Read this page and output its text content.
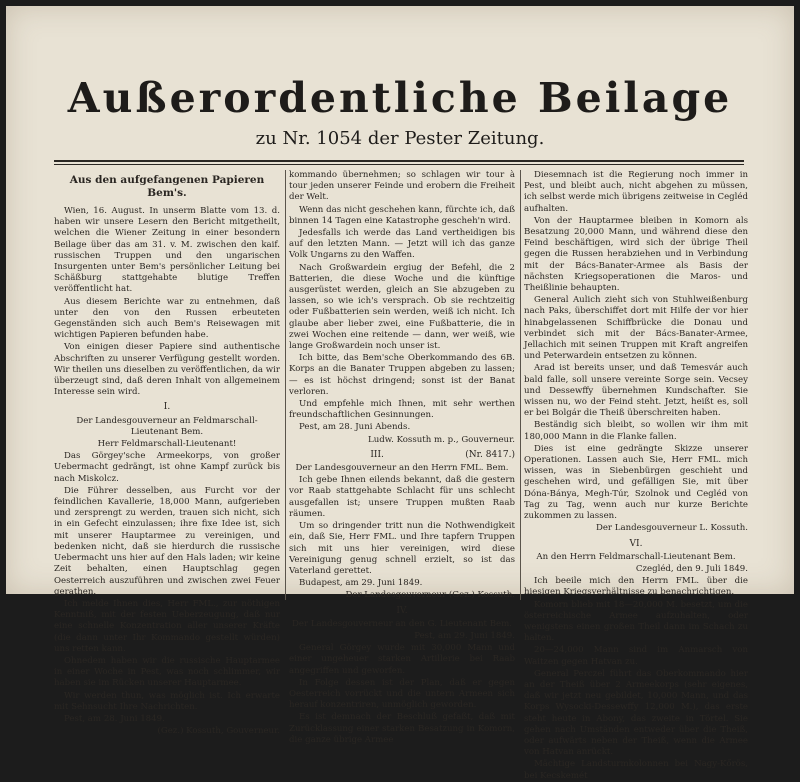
Außerordentliche Beilage
zu Nr. 1054 der Pester Zeitung.

Aus den aufgefangenen Papieren Bem's.

Wien, 16. August. In unserm Blatte vom 13. d. haben wir unsere Lesern den Bericht mitgetheilt, welchen die Wiener Zeitung in einer besondern Beilage über das am 31. v. M. zwischen den kaif. russischen Truppen und den ungarischen Insurgenten unter Bem's persönlicher Leitung bei Schäßburg stattgehabte blutige Treffen veröffentlicht hat.

Aus diesem Berichte war zu entnehmen, daß unter den von den Russen erbeuteten Gegenständen sich auch Bem's Reisewagen mit wichtigen Papieren befunden habe.

Von einigen dieser Papiere sind authentische Abschriften zu unserer Verfügung gestellt worden. Wir theilen uns dieselben zu veröffentlichen, da wir überzeugt sind, daß deren Inhalt von allgemeinem Interesse sein wird.

I.

Der Landesgouverneur an Feldmarschall-Lieutenant Bem.

Herr Feldmarschall-Lieutenant!

Das Görgey'sche Armeekorps, von großer Uebermacht gedrängt, ist ohne Kampf zurück bis nach Miskolcz.

Die Führer desselben, aus Furcht vor der feindlichen Kavallerie, 18,000 Mann, aufgerieben und zersprengt zu werden, trauen sich nicht, sich in ein Gefecht einzulassen; ihre fixe Idee ist, sich mit unserer Hauptarmee zu vereinigen, und bedenken nicht, daß sie hierdurch die russische Uebermacht uns hier auf den Hals laden; wir keine Zeit behalten, einen Hauptschlag gegen Oesterreich auszuführen und zwischen zwei Feuer gerathen.

Ich melde Ihnen dies, Herr FML., zur nöthigen Kenntniß, mit der festen Ueberzeugung, daß nur eine schnelle Konzentration aller unserer Kräfte (die dann unter Ihr Kommando gestellt würden) uns retten kann.

Ohnedem haben wir die russische Hauptarmee in einer Woche in Pest, was noch schlimmer, wir haben sie im Rücken unserer Hauptarmee.

Wir werden thun, was möglich ist. Ich erwarte mit Sehnsucht Ihre Nachrichten.

Pest, am 28. Juni 1849.

(Gez.) Kossuth, Gouverneur.

kommando übernehmen; so schlagen wir tour à tour jeden unserer Feinde und erobern die Freiheit der Welt.

Wenn das nicht geschehen kann, fürchte ich, daß binnen 14 Tagen eine Katastrophe gescheh'n wird.

Jedesfalls ich werde das Land vertheidigen bis auf den letzten Mann. — Jetzt will ich das ganze Volk Ungarns zu den Waffen.

Nach Großwardein ergiug der Befehl, die 2 Batterien, die diese Woche und die künftige ausgerüstet werden, gleich an Sie abzugeben zu lassen, so wie ich's versprach. Ob sie rechtzeitig oder Fußbatterien sein werden, weiß ich nicht. Ich glaube aber lieber zwei, eine Fußbatterie, die in zwei Wochen eine reitende — dann, wer weiß, wie lange Großwardein noch unser ist.

Ich bitte, das Bem'sche Oberkommando des 6B. Korps an die Banater Truppen abgeben zu lassen; — es ist höchst dringend; sonst ist der Banat verloren.

Und empfehle mich Ihnen, mit sehr werthen freundschaftlichen Gesinnungen.

Pest, am 28. Juni Abends.

Ludw. Kossuth m. p., Gouverneur.

III.	(Nr. 8417.)

Der Landesgouverneur an den Herrn FML. Bem.

Ich gebe Ihnen eilends bekannt, daß die gestern vor Raab stattgehabte Schlacht für uns schlecht ausgefallen ist; unsere Truppen mußten Raab räumen.

Um so dringender tritt nun die Nothwendigkeit ein, daß Sie, Herr FML. und Ihre tapfern Truppen sich mit uns hier vereinigen, wird diese Vereinigung genug schnell erzielt, so ist das Vaterland gerettet.

Budapest, am 29. Juni 1849.

Der Landesgouverneur (Gez.) Kossuth.

IV.

Der Landesgouverneur an den G. Lieutenant Bem.

Pest, am 29. Juni 1849.

General Görgey wurde mit 30,000 Mann und einer ungeheuer starken Artillerie bei Raab angegriffen und geworfen.

In Folge dessen ist der Plan, daß er gegen Oesterreich vorrückt und die untern Armeen sich herauf konzentriren, unmöglich geworden.

Es ist demnach der Beschluß gefaßt, daß mit Zurücklassung einer starken Besatzung in Komorn, die ganze übrige Armee

Diesemnach ist die Regierung noch immer in Pest, und bleibt auch, nicht abgehen zu müssen, ich selbst werde mich übrigens zeitweise in Cegléd aufhalten.

Von der Hauptarmee bleiben in Komorn als Besatzung 20,000 Mann, und während diese den Feind beschäftigen, wird sich der übrige Theil gegen die Russen herabziehen und in Verbindung mit der Bács-Banater-Armee als Basis der nächsten Kriegsoperationen die Maros- und Theißlinie behaupten.

General Aulich zieht sich von Stuhlweißenburg nach Paks, überschiffet dort mit Hilfe der vor hier hinabgelassenen Schiffbrücke die Donau und verbindet sich mit der Bács-Banater-Armee, Jellachich mit seinen Truppen mit Kraft angreifen und Peterwardein entsetzen zu können.

Arad ist bereits unser, und daß Temesvár auch bald falle, soll unsere vereinte Sorge sein. Vecsey und Dessewffy übernehmen Kundschafter. Sie wissen nu, wo der Feind steht. Jetzt, heißt es, soll er bei Bolgár die Theiß überschreiten haben.

Beständig sich bleibt, so wollen wir ihm mit 180,000 Mann in die Flanke fallen.

Dies ist eine gedrängte Skizze unserer Operationen. Lassen auch Sie, Herr FML. mich wissen, was in Siebenbürgen geschieht und geschehen wird, und gefälligen Sie, mit über Dóna-Bánya, Megh-Túr, Szolnok und Cegléd von Tag zu Tag, wenn auch nur kurze Berichte zukommen zu lassen.

Der Landesgouverneur L. Kossuth.

VI.

An den Herrn Feldmarschall-Lieutenant Bem.

Czegléd, den 9. Juli 1849.

Ich beeile mich den Herrn FML. über die hiesigen Kriegsverhältnisse zu benachrichtigen.

Komorn blieb mit 18—20,000 M. besetzt, um die österreichische Armee aufzuhalten, oder wenigstens einen großen Theil dann im Schach zu halten.

20—24,000 Mann sind im Anmarsch von Waitzen gegen Hatvan zu.

General Perczel führt das Oberkommando hier an der Theiß über 2 Armeekorps (sehr eigenes, daß wir jetzt neu gebildet, 10,000 Mann, und das Korps Wysocki-Dessewffy 12,000 M.), das erste steht heute in Abony, das zweite in Törtel. Sie gehen nach Umständen entweder über die Theiß, oder aufwärts neben der Theiß, wenn die Armee von Hatvan anrückt.

Mächtige Landsturmkolonnen bei Nagy-Kőrös, bei Kecskemét
